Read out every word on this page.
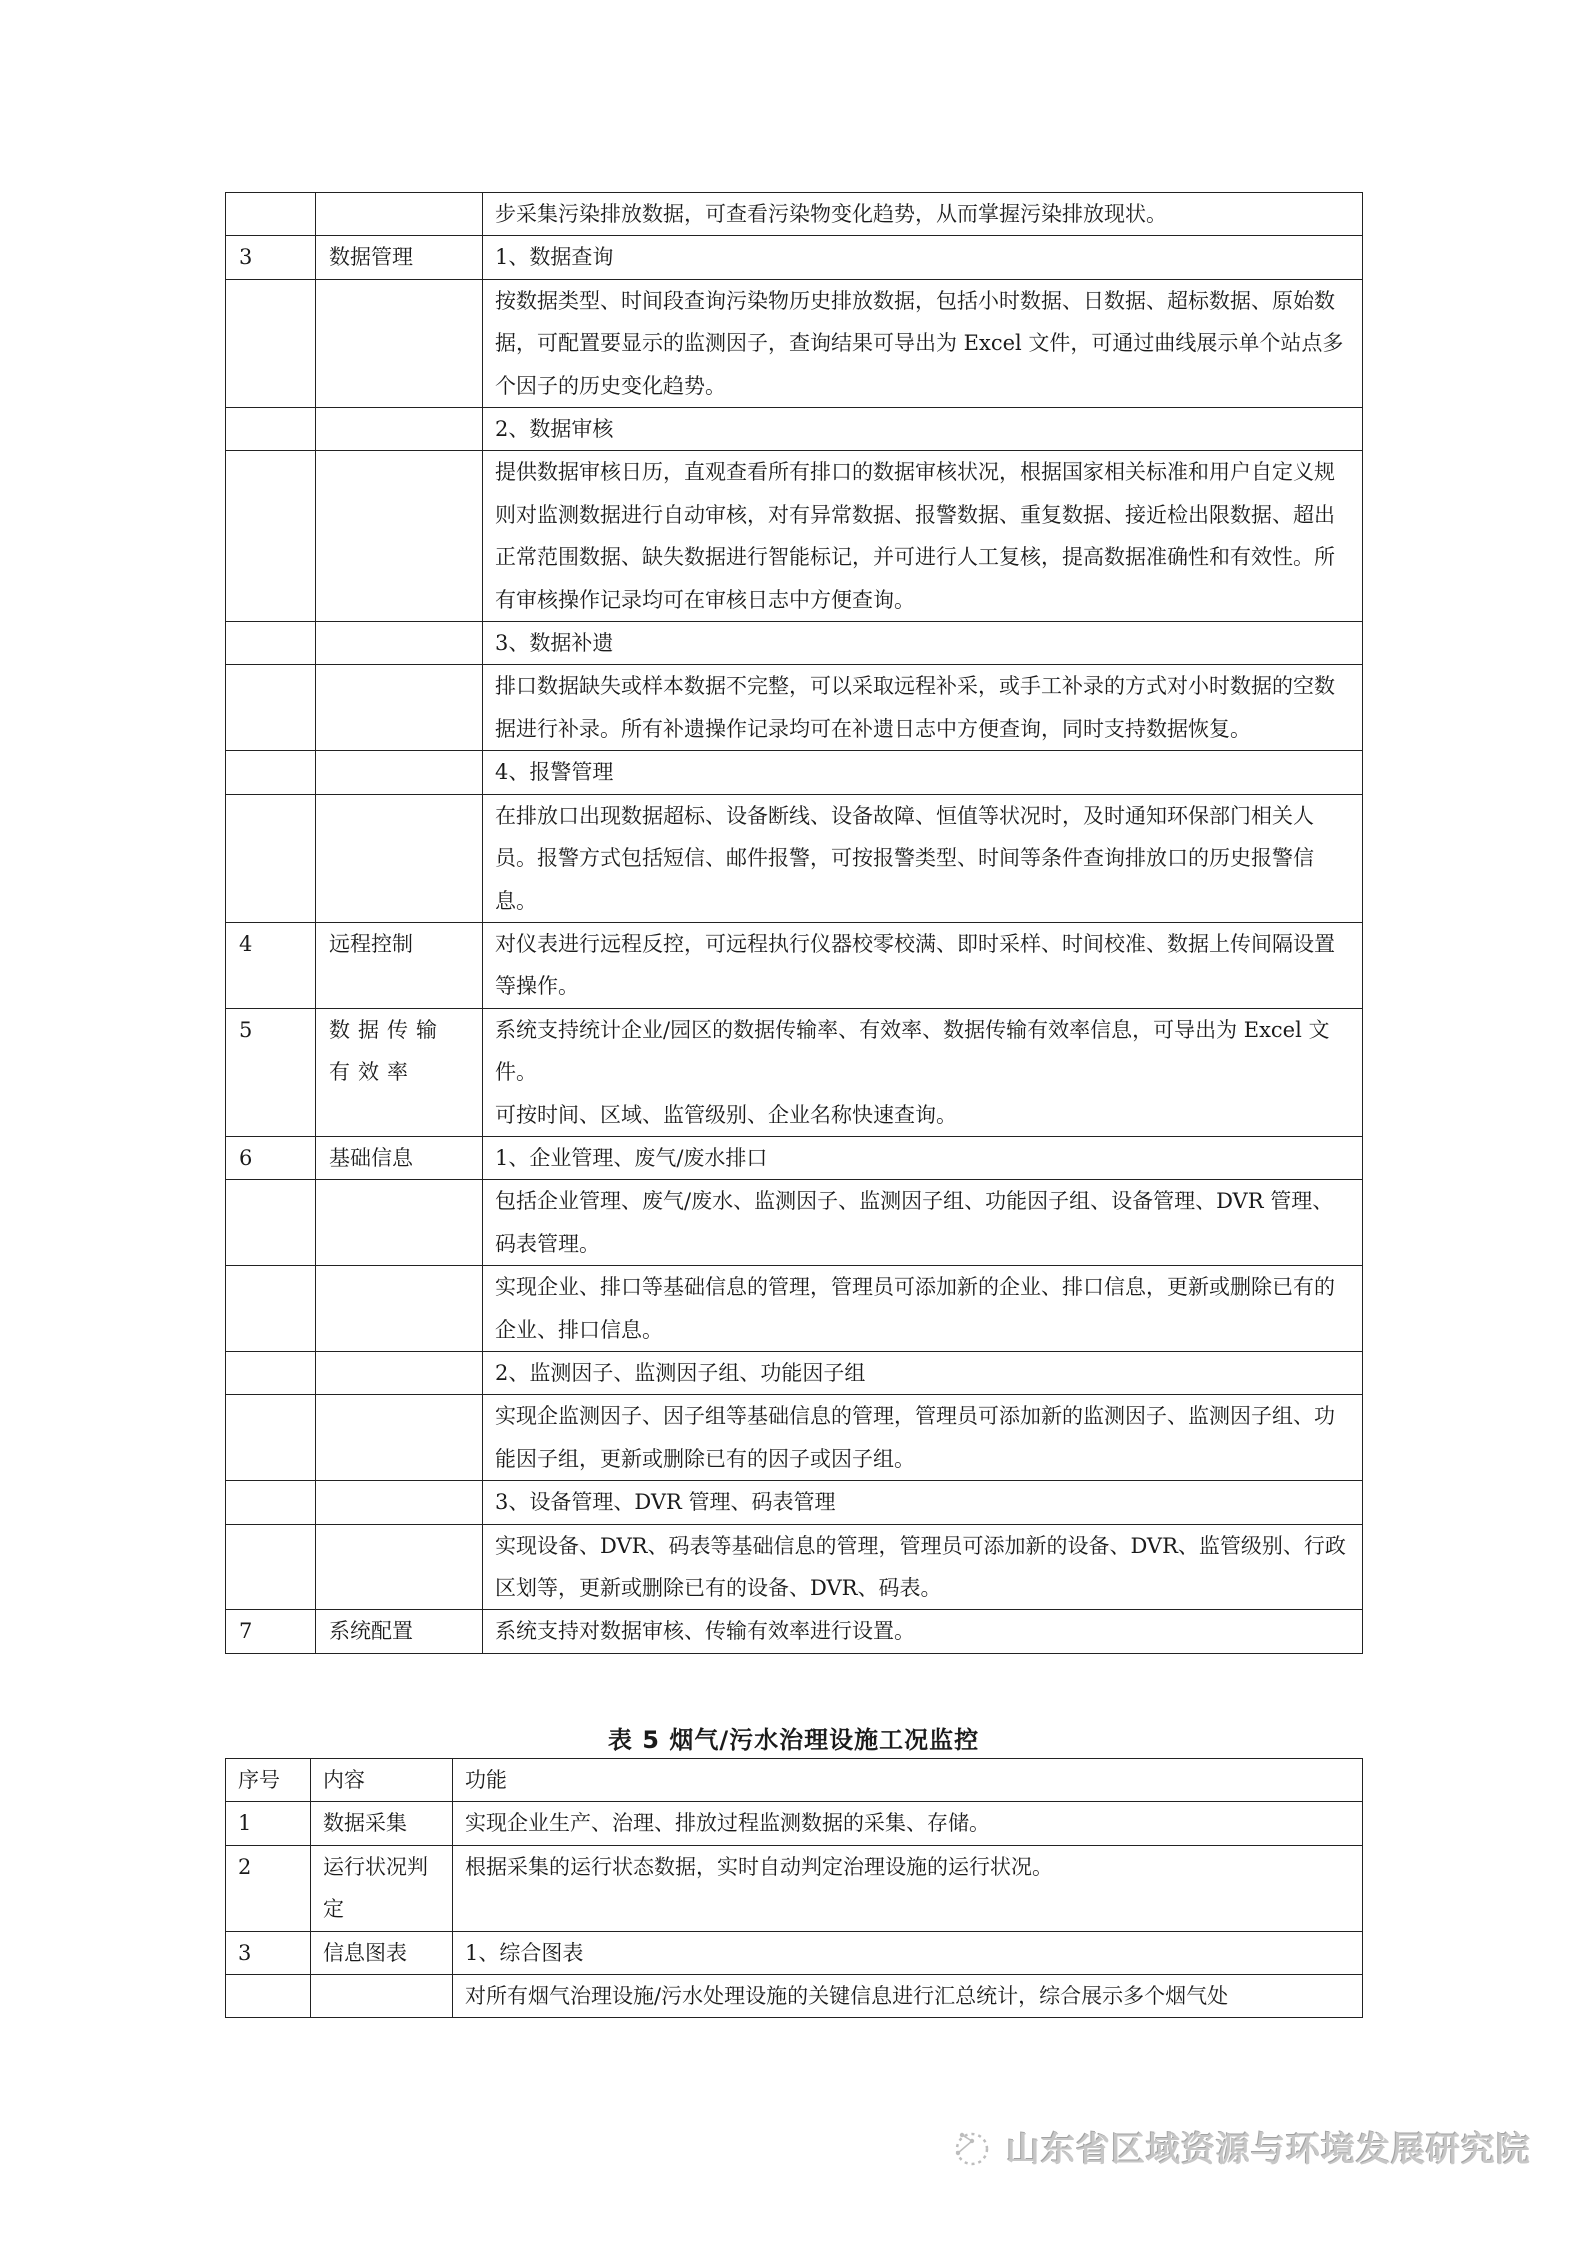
		步采集污染排放数据，可查看污染物变化趋势，从而掌握污染排放现状。
3	数据管理	1、数据查询
		按数据类型、时间段查询污染物历史排放数据，包括小时数据、日数据、超标数据、原始数据，可配置要显示的监测因子，查询结果可导出为 Excel 文件，可通过曲线展示单个站点多个因子的历史变化趋势。
		2、数据审核
		提供数据审核日历，直观查看所有排口的数据审核状况，根据国家相关标准和用户自定义规则对监测数据进行自动审核，对有异常数据、报警数据、重复数据、接近检出限数据、超出正常范围数据、缺失数据进行智能标记，并可进行人工复核，提高数据准确性和有效性。所有审核操作记录均可在审核日志中方便查询。
		3、数据补遗
		排口数据缺失或样本数据不完整，可以采取远程补采，或手工补录的方式对小时数据的空数据进行补录。所有补遗操作记录均可在补遗日志中方便查询，同时支持数据恢复。
		4、报警管理
		在排放口出现数据超标、设备断线、设备故障、恒值等状况时，及时通知环保部门相关人员。报警方式包括短信、邮件报警，可按报警类型、时间等条件查询排放口的历史报警信息。
4	远程控制	对仪表进行远程反控，可远程执行仪器校零校满、即时采样、时间校准、数据上传间隔设置等操作。
5	数据传输有效率	系统支持统计企业/园区的数据传输率、有效率、数据传输有效率信息，可导出为 Excel 文件。
可按时间、区域、监管级别、企业名称快速查询。

6	基础信息	1、企业管理、废气/废水排口
		包括企业管理、废气/废水、监测因子、监测因子组、功能因子组、设备管理、DVR 管理、码表管理。
		实现企业、排口等基础信息的管理，管理员可添加新的企业、排口信息，更新或删除已有的企业、排口信息。
		2、监测因子、监测因子组、功能因子组
		实现企监测因子、因子组等基础信息的管理，管理员可添加新的监测因子、监测因子组、功能因子组，更新或删除已有的因子或因子组。
		3、设备管理、DVR 管理、码表管理
		实现设备、DVR、码表等基础信息的管理，管理员可添加新的设备、DVR、监管级别、行政区划等，更新或删除已有的设备、DVR、码表。
7	系统配置	系统支持对数据审核、传输有效率进行设置。
表 5 烟气/污水治理设施工况监控
序号	内容	功能
1	数据采集	实现企业生产、治理、排放过程监测数据的采集、存储。
2	运行状况判定	根据采集的运行状态数据，实时自动判定治理设施的运行状况。
3	信息图表	1、综合图表
		对所有烟气治理设施/污水处理设施的关键信息进行汇总统计，综合展示多个烟气处
山东省区域资源与环境发展研究院
